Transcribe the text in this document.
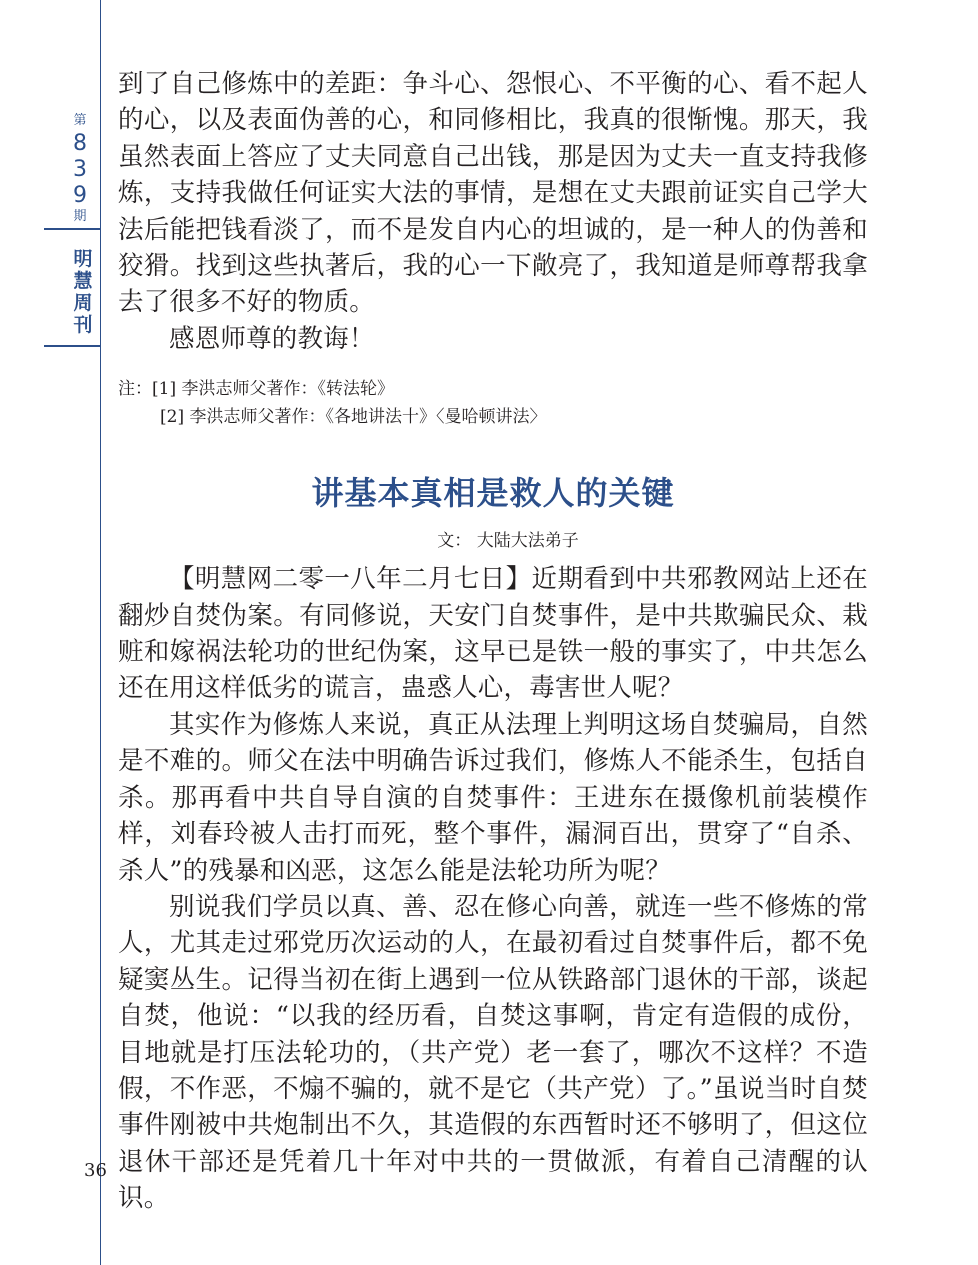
第
8
3
9
期
明
慧
周
刊
36

到了自己修炼中的差距：争斗心、怨恨心、不平衡的心、看不起人的心，以及表面伪善的心，和同修相比，我真的很惭愧。那天，我虽然表面上答应了丈夫同意自己出钱，那是因为丈夫一直支持我修炼，支持我做任何证实大法的事情，是想在丈夫跟前证实自己学大法后能把钱看淡了，而不是发自内心的坦诚的，是一种人的伪善和狡猾。找到这些执著后，我的心一下敞亮了，我知道是师尊帮我拿去了很多不好的物质。

感恩师尊的教诲！

注：[1] 李洪志师父著作：《转法轮》
[2] 李洪志师父著作：《各地讲法十》〈曼哈顿讲法〉
讲基本真相是救人的关键
文： 大陆大法弟子

【明慧网二零一八年二月七日】近期看到中共邪教网站上还在翻炒自焚伪案。有同修说，天安门自焚事件，是中共欺骗民众、栽赃和嫁祸法轮功的世纪伪案，这早已是铁一般的事实了，中共怎么还在用这样低劣的谎言，蛊惑人心，毒害世人呢？

其实作为修炼人来说，真正从法理上判明这场自焚骗局，自然是不难的。师父在法中明确告诉过我们，修炼人不能杀生，包括自杀。那再看中共自导自演的自焚事件：王进东在摄像机前装模作样，刘春玲被人击打而死，整个事件，漏洞百出，贯穿了“自杀、杀人”的残暴和凶恶，这怎么能是法轮功所为呢？

别说我们学员以真、善、忍在修心向善，就连一些不修炼的常人，尤其走过邪党历次运动的人，在最初看过自焚事件后，都不免疑窦丛生。记得当初在街上遇到一位从铁路部门退休的干部，谈起自焚，他说：“以我的经历看，自焚这事啊，肯定有造假的成份，目地就是打压法轮功的，（共产党）老一套了，哪次不这样？不造假，不作恶，不煽不骗的，就不是它（共产党）了。”虽说当时自焚事件刚被中共炮制出不久，其造假的东西暂时还不够明了，但这位退休干部还是凭着几十年对中共的一贯做派，有着自己清醒的认识。
